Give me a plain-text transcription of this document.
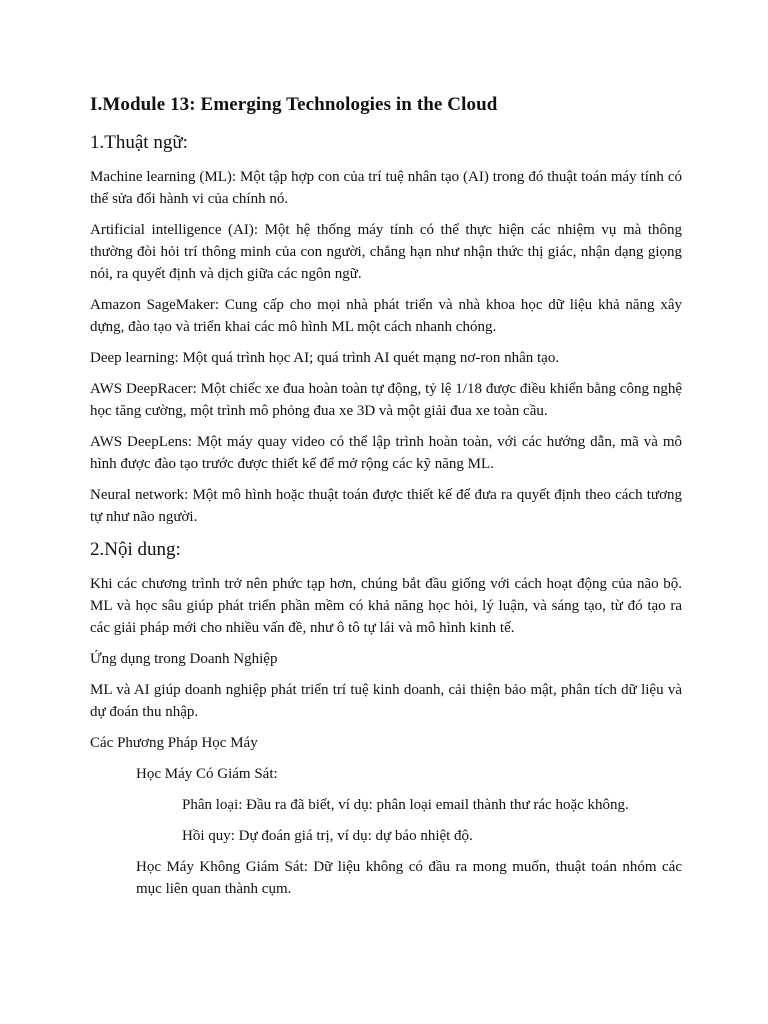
I.Module 13: Emerging Technologies in the Cloud
1.Thuật ngữ:

Machine learning (ML): Một tập hợp con của trí tuệ nhân tạo (AI) trong đó thuật toán máy tính có thể sửa đổi hành vi của chính nó.

Artificial intelligence (AI): Một hệ thống máy tính có thể thực hiện các nhiệm vụ mà thông thường đòi hỏi trí thông minh của con người, chẳng hạn như nhận thức thị giác, nhận dạng giọng nói, ra quyết định và dịch giữa các ngôn ngữ.

Amazon SageMaker: Cung cấp cho mọi nhà phát triển và nhà khoa học dữ liệu khả năng xây dựng, đào tạo và triển khai các mô hình ML một cách nhanh chóng.

Deep learning: Một quá trình học AI; quá trình AI quét mạng nơ-ron nhân tạo.

AWS DeepRacer: Một chiếc xe đua hoàn toàn tự động, tỷ lệ 1/18 được điều khiển bằng công nghệ học tăng cường, một trình mô phỏng đua xe 3D và một giải đua xe toàn cầu.

AWS DeepLens: Một máy quay video có thể lập trình hoàn toàn, với các hướng dẫn, mã và mô hình được đào tạo trước được thiết kế để mở rộng các kỹ năng ML.

Neural network: Một mô hình hoặc thuật toán được thiết kế để đưa ra quyết định theo cách tương tự như não người.

2.Nội dung:

Khi các chương trình trở nên phức tạp hơn, chúng bắt đầu giống với cách hoạt động của não bộ. ML và học sâu giúp phát triển phần mềm có khả năng học hỏi, lý luận, và sáng tạo, từ đó tạo ra các giải pháp mới cho nhiều vấn đề, như ô tô tự lái và mô hình kinh tế.

Ứng dụng trong Doanh Nghiệp

ML và AI giúp doanh nghiệp phát triển trí tuệ kinh doanh, cải thiện bảo mật, phân tích dữ liệu và dự đoán thu nhập.

Các Phương Pháp Học Máy

Học Máy Có Giám Sát:

Phân loại: Đầu ra đã biết, ví dụ: phân loại email thành thư rác hoặc không.

Hồi quy: Dự đoán giá trị, ví dụ: dự báo nhiệt độ.

Học Máy Không Giám Sát: Dữ liệu không có đầu ra mong muốn, thuật toán nhóm các mục liên quan thành cụm.
